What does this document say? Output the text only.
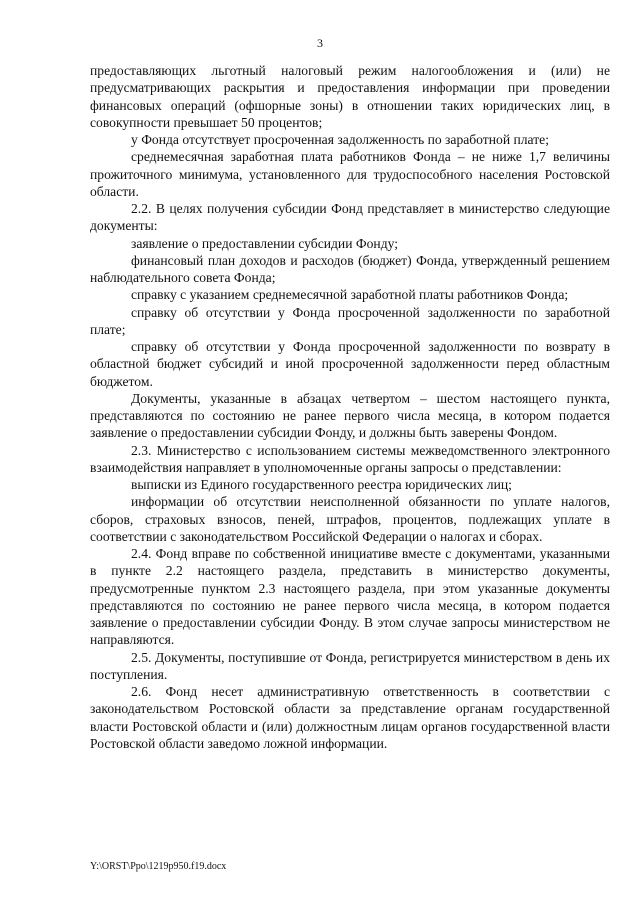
3

предоставляющих льготный налоговый режим налогообложения и (или) не предусматривающих раскрытия и предоставления информации при проведении финансовых операций (офшорные зоны) в отношении таких юридических лиц, в совокупности превышает 50 процентов;

у Фонда отсутствует просроченная задолженность по заработной плате;

среднемесячная заработная плата работников Фонда – не ниже 1,7 величины прожиточного минимума, установленного для трудоспособного населения Ростовской области.

2.2. В целях получения субсидии Фонд представляет в министерство следующие документы:

заявление о предоставлении субсидии Фонду;

финансовый план доходов и расходов (бюджет) Фонда, утвержденный решением наблюдательного совета Фонда;

справку с указанием среднемесячной заработной платы работников Фонда;

справку об отсутствии у Фонда просроченной задолженности по заработной плате;

справку об отсутствии у Фонда просроченной задолженности по возврату в областной бюджет субсидий и иной просроченной задолженности перед областным бюджетом.

Документы, указанные в абзацах четвертом – шестом настоящего пункта, представляются по состоянию не ранее первого числа месяца, в котором подается заявление о предоставлении субсидии Фонду, и должны быть заверены Фондом.

2.3. Министерство с использованием системы межведомственного электронного взаимодействия направляет в уполномоченные органы запросы о представлении:

выписки из Единого государственного реестра юридических лиц;

информации об отсутствии неисполненной обязанности по уплате налогов, сборов, страховых взносов, пеней, штрафов, процентов, подлежащих уплате в соответствии с законодательством Российской Федерации о налогах и сборах.

2.4. Фонд вправе по собственной инициативе вместе с документами, указанными в пункте 2.2 настоящего раздела, представить в министерство документы, предусмотренные пунктом 2.3 настоящего раздела, при этом указанные документы представляются по состоянию не ранее первого числа месяца, в котором подается заявление о предоставлении субсидии Фонду. В этом случае запросы министерством не направляются.

2.5. Документы, поступившие от Фонда, регистрируется министерством в день их поступления.

2.6. Фонд несет административную ответственность в соответствии с законодательством Ростовской области за представление органам государственной власти Ростовской области и (или) должностным лицам органов государственной власти Ростовской области заведомо ложной информации.

Y:\ORST\Ppo\1219p950.f19.docx
